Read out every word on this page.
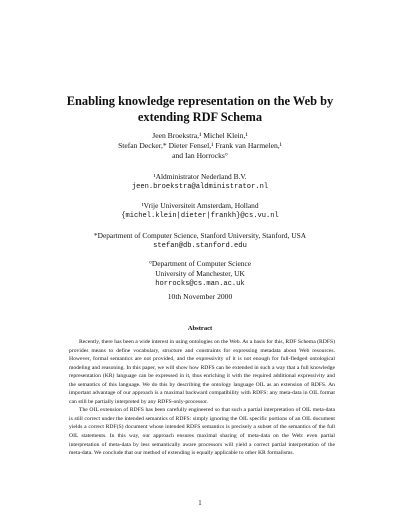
Enabling knowledge representation on the Web by
extending RDF Schema
Jeen Broekstra,¹ Michel Klein,¹
Stefan Decker,* Dieter Fensel,¹ Frank van Harmelen,¹
and Ian Horrocks°
¹Aldministrator Nederland B.V.
jeen.broekstra@aldministrator.nl
¹Vrije Universiteit Amsterdam, Holland
{michel.klein|dieter|frankh}@cs.vu.nl
*Department of Computer Science, Stanford University, Stanford, USA
stefan@db.stanford.edu
°Department of Computer Science
University of Manchester, UK
horrocks@cs.man.ac.uk
10th November 2000
Abstract

Recently, there has been a wide interest in using ontologies on the Web. As a basis for this, RDF Schema (RDFS) provides means to define vocabulary, structure and constraints for expressing metadata about Web resources. However, formal semantics are not provided, and the expressivity of it is not enough for full-fledged ontological modeling and reasoning. In this paper, we will show how RDFS can be extended in such a way that a full knowledge representation (KR) language can be expressed in it, thus enriching it with the required additional expressivity and the semantics of this language. We do this by describing the ontology language OIL as an extension of RDFS. An important advantage of our approach is a maximal backward compatibility with RDFS: any meta-data in OIL format can still be partially interpreted by any RDFS-only-processor.

The OIL extension of RDFS has been carefully engineered so that such a partial interpretation of OIL meta-data is still correct under the intended semantics of RDFS: simply ignoring the OIL specific portions of an OIL document yields a correct RDF(S) document whose intended RDFS semantics is precisely a subset of the semantics of the full OIL statements. In this way, our approach ensures maximal sharing of meta-data on the Web: even partial interpretation of meta-data by less semantically aware processors will yield a correct partial interpretation of the meta-data. We conclude that our method of extending is equally applicable to other KR formalisms.

1
